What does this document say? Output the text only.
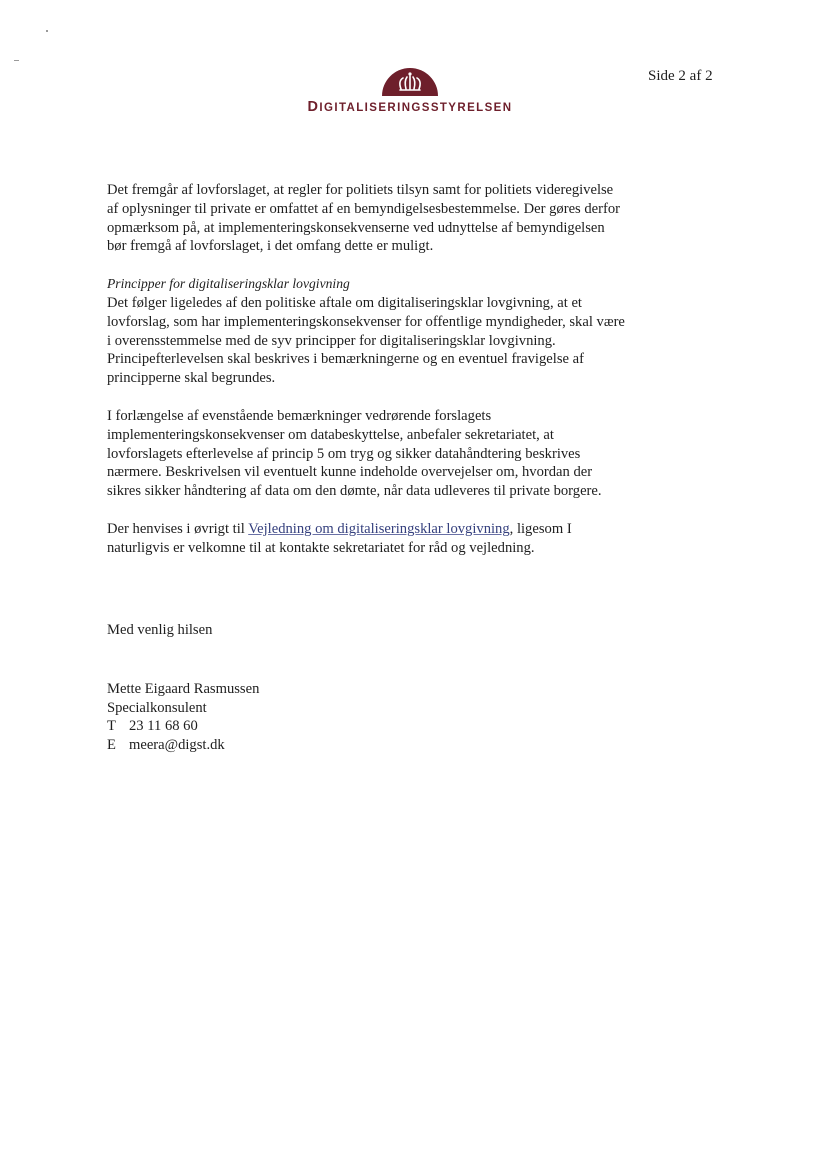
DIGITALISERINGSSTYRELSEN
Side 2 af 2

Det fremgår af lovforslaget, at regler for politiets tilsyn samt for politiets videregivelse af oplysninger til private er omfattet af en bemyndigelsesbestemmelse. Der gøres derfor opmærksom på, at implementeringskonsekvenserne ved udnyttelse af bemyndigelsen bør fremgå af lovforslaget, i det omfang dette er muligt.

Principper for digitaliseringsklar lovgivning

Det følger ligeledes af den politiske aftale om digitaliseringsklar lovgivning, at et lovforslag, som har implementeringskonsekvenser for offentlige myndigheder, skal være i overensstemmelse med de syv principper for digitaliseringsklar lovgivning. Principefterlevelsen skal beskrives i bemærkningerne og en eventuel fravigelse af principperne skal begrundes.

I forlængelse af evenstående bemærkninger vedrørende forslagets implementeringskonsekvenser om databeskyttelse, anbefaler sekretariatet, at lovforslagets efterlevelse af princip 5 om tryg og sikker datahåndtering beskrives nærmere. Beskrivelsen vil eventuelt kunne indeholde overvejelser om, hvordan der sikres sikker håndtering af data om den dømte, når data udleveres til private borgere.

Der henvises i øvrigt til Vejledning om digitaliseringsklar lovgivning, ligesom I naturligvis er velkomne til at kontakte sekretariatet for råd og vejledning.

Med venlig hilsen
Mette Eigaard Rasmussen
Specialkonsulent
T 23 11 68 60
E meera@digst.dk
